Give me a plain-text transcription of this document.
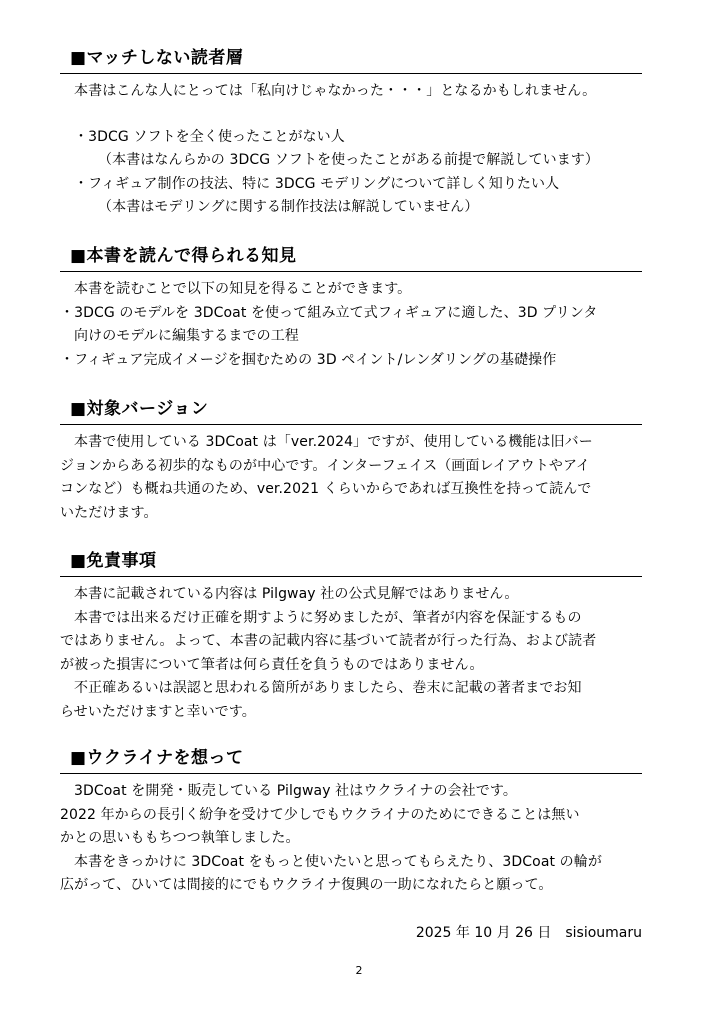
■マッチしない読者層
本書はこんな人にとっては「私向けじゃなかった・・・」となるかもしれません。
・3DCG ソフトを全く使ったことがない人
（本書はなんらかの 3DCG ソフトを使ったことがある前提で解説しています）
・フィギュア制作の技法、特に 3DCG モデリングについて詳しく知りたい人
（本書はモデリングに関する制作技法は解説していません）
■本書を読んで得られる知見
本書を読むことで以下の知見を得ることができます。
・3DCG のモデルを 3DCoat を使って組み立て式フィギュアに適した、3D プリンタ
向けのモデルに編集するまでの工程
・フィギュア完成イメージを掴むための 3D ペイント/レンダリングの基礎操作
■対象バージョン
本書で使用している 3DCoat は「ver.2024」ですが、使用している機能は旧バー
ジョンからある初歩的なものが中心です。インターフェイス（画面レイアウトやアイ
コンなど）も概ね共通のため、ver.2021 くらいからであれば互換性を持って読んで
いただけます。
■免責事項
本書に記載されている内容は Pilgway 社の公式見解ではありません。
本書では出来るだけ正確を期すように努めましたが、筆者が内容を保証するもの
ではありません。よって、本書の記載内容に基づいて読者が行った行為、および読者
が被った損害について筆者は何ら責任を負うものではありません。
不正確あるいは誤認と思われる箇所がありましたら、巻末に記載の著者までお知
らせいただけますと幸いです。
■ウクライナを想って
3DCoat を開発・販売している Pilgway 社はウクライナの会社です。
2022 年からの長引く紛争を受けて少しでもウクライナのためにできることは無い
かとの思いももちつつ執筆しました。
本書をきっかけに 3DCoat をもっと使いたいと思ってもらえたり、3DCoat の輪が
広がって、ひいては間接的にでもウクライナ復興の一助になれたらと願って。
2025 年 10 月 26 日　sisioumaru
2
